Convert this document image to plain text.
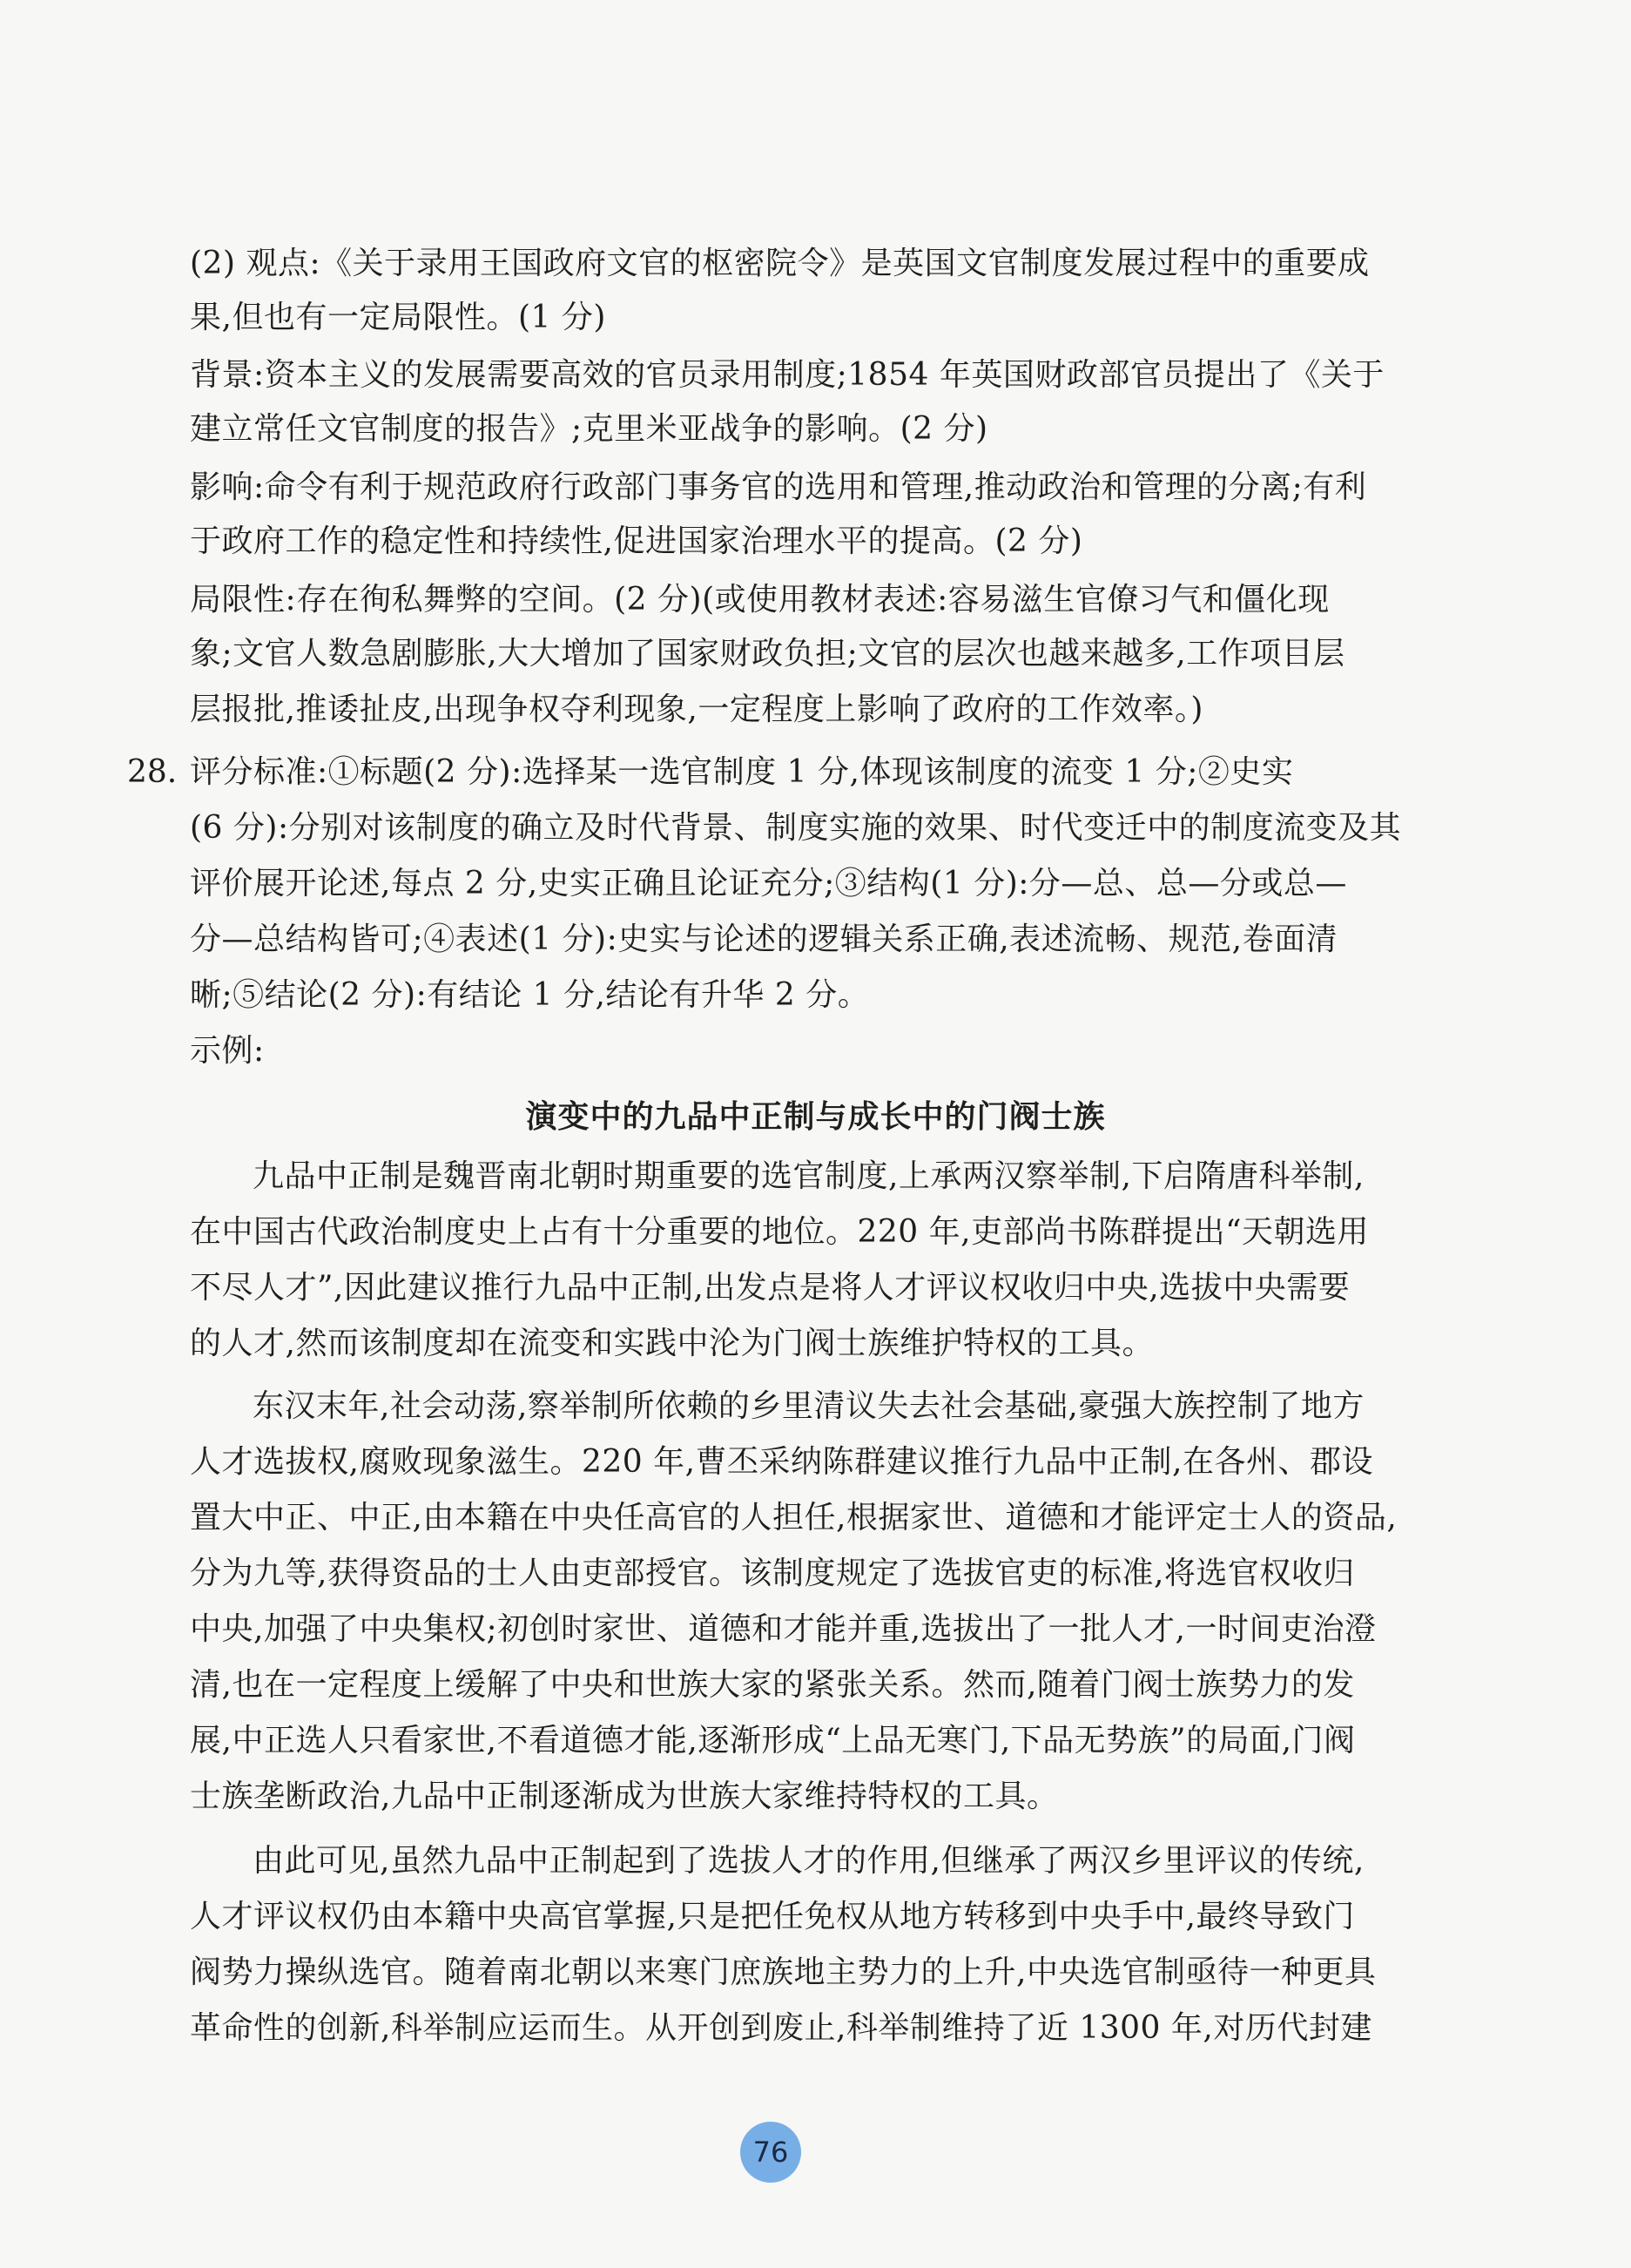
(2) 观点:《关于录用王国政府文官的枢密院令》是英国文官制度发展过程中的重要成
果,但也有一定局限性。(1 分)
背景:资本主义的发展需要高效的官员录用制度;1854 年英国财政部官员提出了《关于
建立常任文官制度的报告》;克里米亚战争的影响。(2 分)
影响:命令有利于规范政府行政部门事务官的选用和管理,推动政治和管理的分离;有利
于政府工作的稳定性和持续性,促进国家治理水平的提高。(2 分)
局限性:存在徇私舞弊的空间。(2 分)(或使用教材表述:容易滋生官僚习气和僵化现
象;文官人数急剧膨胀,大大增加了国家财政负担;文官的层次也越来越多,工作项目层
层报批,推诿扯皮,出现争权夺利现象,一定程度上影响了政府的工作效率。)
28. 评分标准:①标题(2 分):选择某一选官制度 1 分,体现该制度的流变 1 分;②史实
(6 分):分别对该制度的确立及时代背景、制度实施的效果、时代变迁中的制度流变及其
评价展开论述,每点 2 分,史实正确且论证充分;③结构(1 分):分—总、总—分或总—
分—总结构皆可;④表述(1 分):史实与论述的逻辑关系正确,表述流畅、规范,卷面清
晰;⑤结论(2 分):有结论 1 分,结论有升华 2 分。
示例:
演变中的九品中正制与成长中的门阀士族
九品中正制是魏晋南北朝时期重要的选官制度,上承两汉察举制,下启隋唐科举制,
在中国古代政治制度史上占有十分重要的地位。220 年,吏部尚书陈群提出“天朝选用
不尽人才”,因此建议推行九品中正制,出发点是将人才评议权收归中央,选拔中央需要
的人才,然而该制度却在流变和实践中沦为门阀士族维护特权的工具。
东汉末年,社会动荡,察举制所依赖的乡里清议失去社会基础,豪强大族控制了地方
人才选拔权,腐败现象滋生。220 年,曹丕采纳陈群建议推行九品中正制,在各州、郡设
置大中正、中正,由本籍在中央任高官的人担任,根据家世、道德和才能评定士人的资品,
分为九等,获得资品的士人由吏部授官。该制度规定了选拔官吏的标准,将选官权收归
中央,加强了中央集权;初创时家世、道德和才能并重,选拔出了一批人才,一时间吏治澄
清,也在一定程度上缓解了中央和世族大家的紧张关系。然而,随着门阀士族势力的发
展,中正选人只看家世,不看道德才能,逐渐形成“上品无寒门,下品无势族”的局面,门阀
士族垄断政治,九品中正制逐渐成为世族大家维持特权的工具。
由此可见,虽然九品中正制起到了选拔人才的作用,但继承了两汉乡里评议的传统,
人才评议权仍由本籍中央高官掌握,只是把任免权从地方转移到中央手中,最终导致门
阀势力操纵选官。随着南北朝以来寒门庶族地主势力的上升,中央选官制亟待一种更具
革命性的创新,科举制应运而生。从开创到废止,科举制维持了近 1300 年,对历代封建
76
